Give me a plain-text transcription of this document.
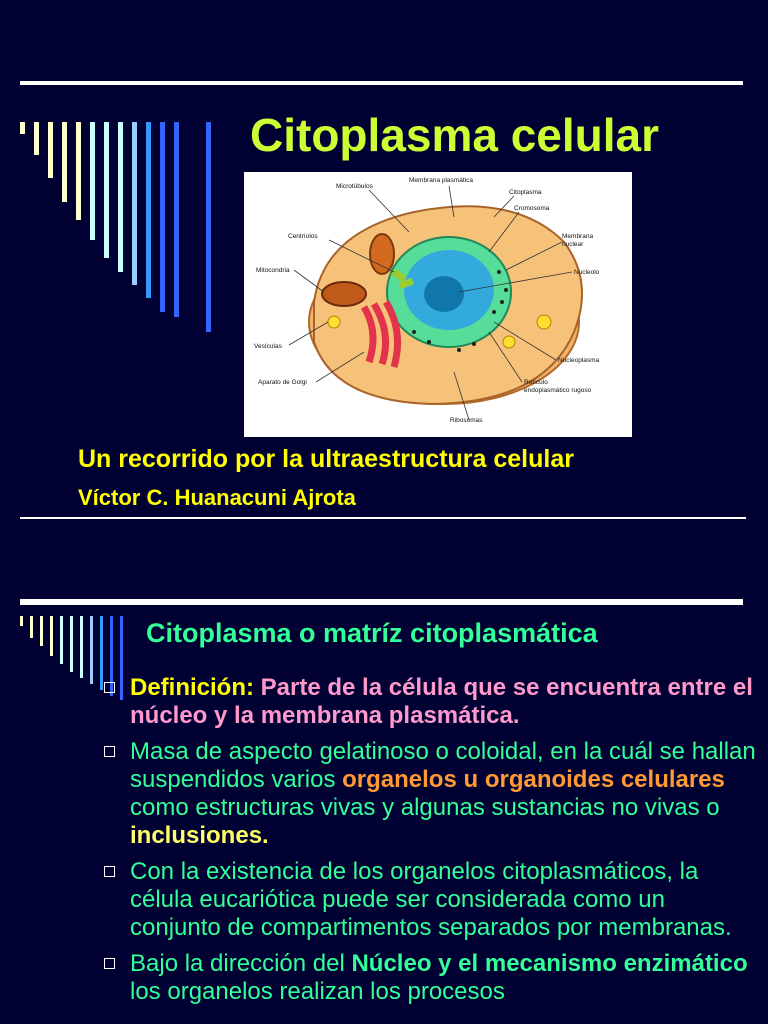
Citoplasma celular
Microtúbulos
Membrana plasmática
Citoplasma
Cromosoma
Centríolos	Membrana
nuclear
Mitocondria	Nucleolo
Vesículas
Nucleoplasma
Aparato de Golgi	Retículo
endoplasmático rugoso
Ribosomas
Un recorrido por la ultraestructura celular
Víctor C. Huanacuni Ajrota
Citoplasma o matríz citoplasmática
Definición: Parte de la célula que se encuentra entre el núcleo y la membrana plasmática.
Masa de aspecto gelatinoso o coloidal, en la cuál se hallan suspendidos varios organelos u organoides celulares como estructuras vivas y algunas sustancias no vivas o inclusiones.
Con la existencia de los organelos citoplasmáticos, la célula eucariótica puede ser considerada como un conjunto de compartimentos separados por membranas.
Bajo la dirección del Núcleo y el mecanismo enzimático los organelos realizan los procesos
